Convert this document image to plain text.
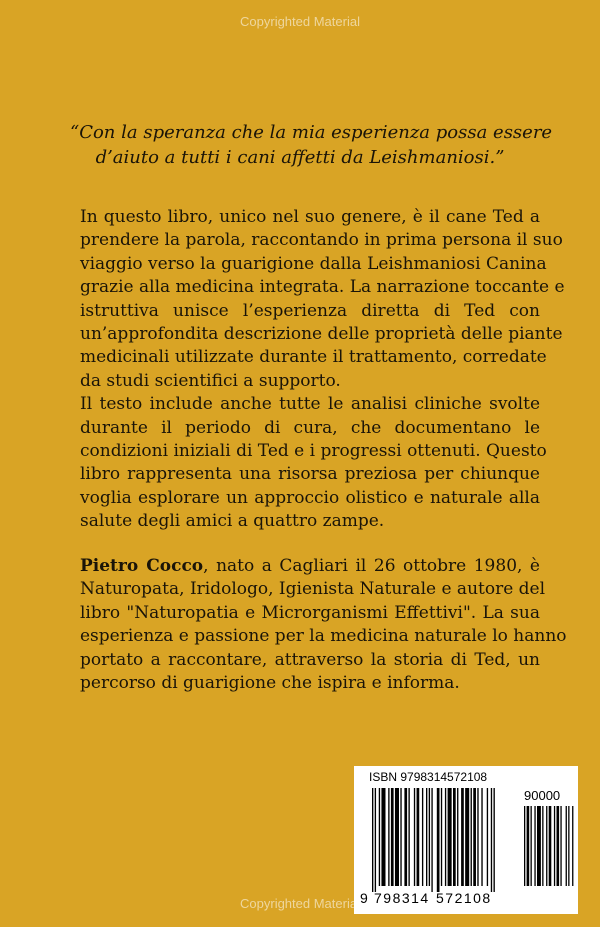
Copyrighted Material
“Con la speranza che la mia esperienza possa essere
d’aiuto a tutti i cani affetti da Leishmaniosi.”
In questo libro, unico nel suo genere, è il cane Ted a
prendere la parola, raccontando in prima persona il suo
viaggio verso la guarigione dalla Leishmaniosi Canina
grazie alla medicina integrata. La narrazione toccante e
istruttiva unisce l’esperienza diretta di Ted con
un’approfondita descrizione delle proprietà delle piante
medicinali utilizzate durante il trattamento, corredate
da studi scientifici a supporto.
Il testo include anche tutte le analisi cliniche svolte
durante il periodo di cura, che documentano le
condizioni iniziali di Ted e i progressi ottenuti. Questo
libro rappresenta una risorsa preziosa per chiunque
voglia esplorare un approccio olistico e naturale alla
salute degli amici a quattro zampe.
Pietro Cocco, nato a Cagliari il 26 ottobre 1980, è
Naturopata, Iridologo, Igienista Naturale e autore del
libro "Naturopatia e Microrganismi Effettivi". La sua
esperienza e passione per la medicina naturale lo hanno
portato a raccontare, attraverso la storia di Ted, un
percorso di guarigione che ispira e informa.
ISBN 9798314572108
90000
9 798314 572108
Copyrighted Material
